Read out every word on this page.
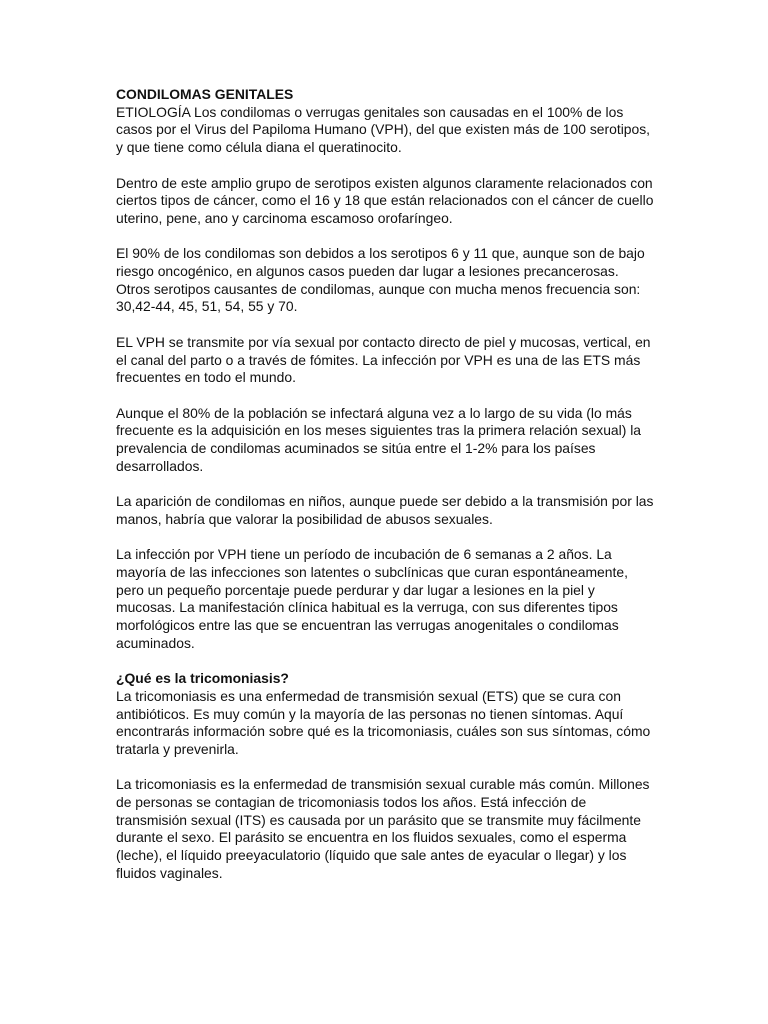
CONDILOMAS GENITALES

ETIOLOGÍA Los condilomas o verrugas genitales son causadas en el 100% de los casos por el Virus del Papiloma Humano (VPH), del que existen más de 100 serotipos, y que tiene como célula diana el queratinocito.

Dentro de este amplio grupo de serotipos existen algunos claramente relacionados con ciertos tipos de cáncer, como el 16 y 18 que están relacionados con el cáncer de cuello uterino, pene, ano y carcinoma escamoso orofaríngeo.

El 90% de los condilomas son debidos a los serotipos 6 y 11 que, aunque son de bajo riesgo oncogénico, en algunos casos pueden dar lugar a lesiones precancerosas. Otros serotipos causantes de condilomas, aunque con mucha menos frecuencia son: 30,42-44, 45, 51, 54, 55 y 70.

EL VPH se transmite por vía sexual por contacto directo de piel y mucosas, vertical, en el canal del parto o a través de fómites. La infección por VPH es una de las ETS más frecuentes en todo el mundo.

Aunque el 80% de la población se infectará alguna vez a lo largo de su vida (lo más frecuente es la adquisición en los meses siguientes tras la primera relación sexual) la prevalencia de condilomas acuminados se sitúa entre el 1-2% para los países desarrollados.

La aparición de condilomas en niños, aunque puede ser debido a la transmisión por las manos, habría que valorar la posibilidad de abusos sexuales.

La infección por VPH tiene un período de incubación de 6 semanas a 2 años. La mayoría de las infecciones son latentes o subclínicas que curan espontáneamente, pero un pequeño porcentaje puede perdurar y dar lugar a lesiones en la piel y mucosas. La manifestación clínica habitual es la verruga, con sus diferentes tipos morfológicos entre las que se encuentran las verrugas anogenitales o condilomas acuminados.

¿Qué es la tricomoniasis?

La tricomoniasis es una enfermedad de transmisión sexual (ETS) que se cura con antibióticos. Es muy común y la mayoría de las personas no tienen síntomas. Aquí encontrarás información sobre qué es la tricomoniasis, cuáles son sus síntomas, cómo tratarla y prevenirla.

La tricomoniasis es la enfermedad de transmisión sexual curable más común. Millones de personas se contagian de tricomoniasis todos los años. Está infección de transmisión sexual (ITS) es causada por un parásito que se transmite muy fácilmente durante el sexo. El parásito se encuentra en los fluidos sexuales, como el esperma (leche), el líquido preeyaculatorio (líquido que sale antes de eyacular o llegar) y los fluidos vaginales.
